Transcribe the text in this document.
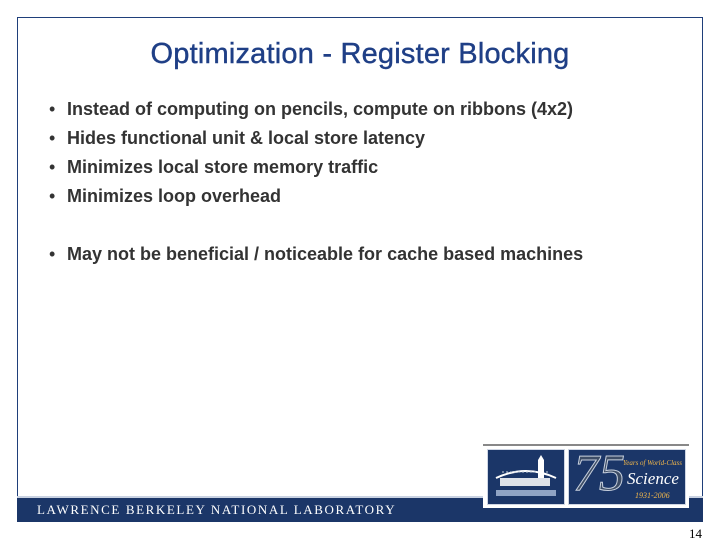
Optimization - Register Blocking
• Instead of computing on pencils, compute on ribbons (4x2)
• Hides functional unit & local store latency
• Minimizes local store memory traffic
• Minimizes loop overhead
• May not be beneficial / noticeable for cache based machines
LAWRENCE BERKELEY NATIONAL LABORATORY
75
Years of World-Class
Science
1931-2006
14
